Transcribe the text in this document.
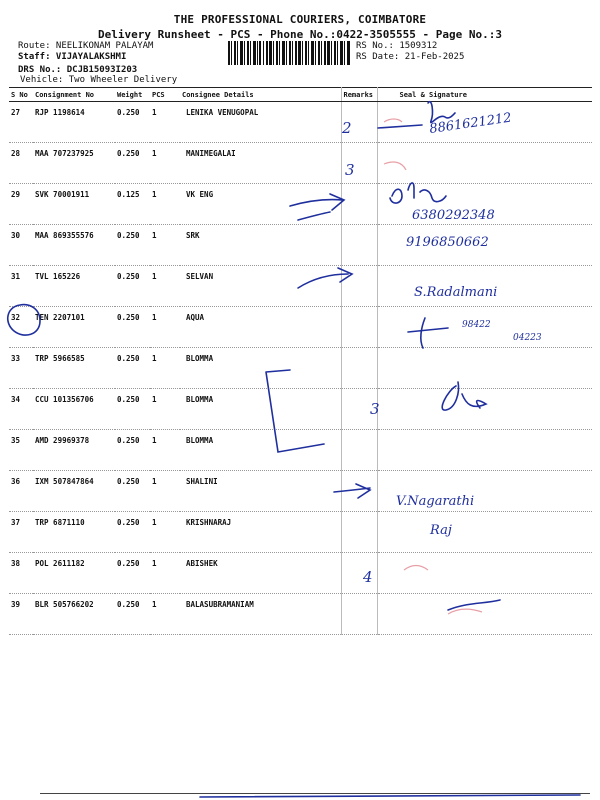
THE PROFESSIONAL COURIERS, COIMBATORE
Delivery Runsheet - PCS - Phone No.:0422-3505555 - Page No.:3
Route: NEELIKONAM PALAYAM
Staff: VIJAYALAKSHMI
DRS No.: DCJB15093I203
Vehicle: Two Wheeler Delivery
RS No.: 1509312
RS Date: 21-Feb-2025
S No	Consignment No	Weight	PCS	Consignee Details	Remarks	Seal & Signature
27	RJP 1198614	0.250	1	LENIKA VENUGOPAL		
28	MAA 707237925	0.250	1	MANIMEGALAI		
29	SVK 70001911	0.125	1	VK ENG		
30	MAA 869355576	0.250	1	SRK		
31	TVL 165226	0.250	1	SELVAN		
32	TEN 2207101	0.250	1	AQUA		
33	TRP 5966585	0.250	1	BLOMMA		
34	CCU 101356706	0.250	1	BLOMMA		
35	AMD 29969378	0.250	1	BLOMMA		
36	IXM 507847864	0.250	1	SHALINI		
37	TRP 6871110	0.250	1	KRISHNARAJ		
38	POL 2611182	0.250	1	ABISHEK		
39	BLR 505766202	0.250	1	BALASUBRAMANIAM		
2
3
3
4
8861621212
6380292348
9196850662
S.Radalmani
V.Nagarathi
Raj
98422
04223
